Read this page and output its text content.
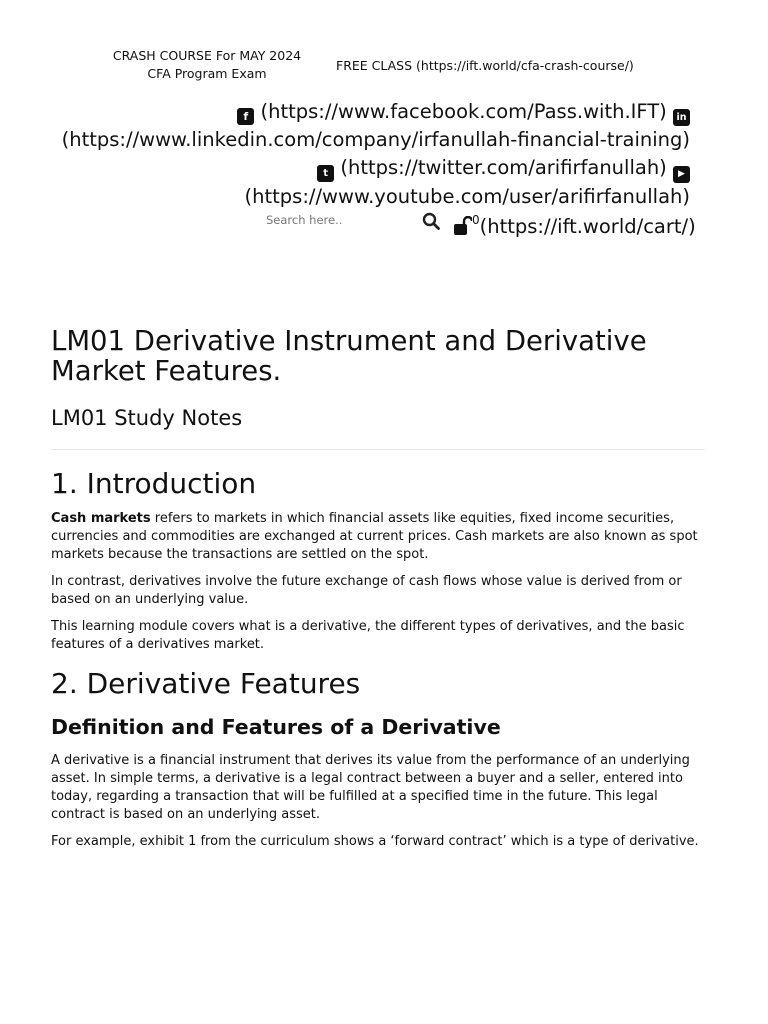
CRASH COURSE For MAY 2024
CFA Program Exam
FREE CLASS (https://ift.world/cfa-crash-course/)
f (https://www.facebook.com/Pass.with.IFT) in
(https://www.linkedin.com/company/irfanullah-financial-training)
t (https://twitter.com/arifirfanullah) ▶
(https://www.youtube.com/user/arifirfanullah)
Search here..
$^0$(https://ift.world/cart/)
LM01 Derivative Instrument and Derivative Market Features.
LM01 Study Notes
1. Introduction

Cash markets refers to markets in which financial assets like equities, fixed income securities, currencies and commodities are exchanged at current prices. Cash markets are also known as spot markets because the transactions are settled on the spot.

In contrast, derivatives involve the future exchange of cash flows whose value is derived from or based on an underlying value.

This learning module covers what is a derivative, the different types of derivatives, and the basic features of a derivatives market.

2. Derivative Features
Definition and Features of a Derivative

A derivative is a financial instrument that derives its value from the performance of an underlying asset. In simple terms, a derivative is a legal contract between a buyer and a seller, entered into today, regarding a transaction that will be fulfilled at a specified time in the future. This legal contract is based on an underlying asset.

For example, exhibit 1 from the curriculum shows a ‘forward contract’ which is a type of derivative.
